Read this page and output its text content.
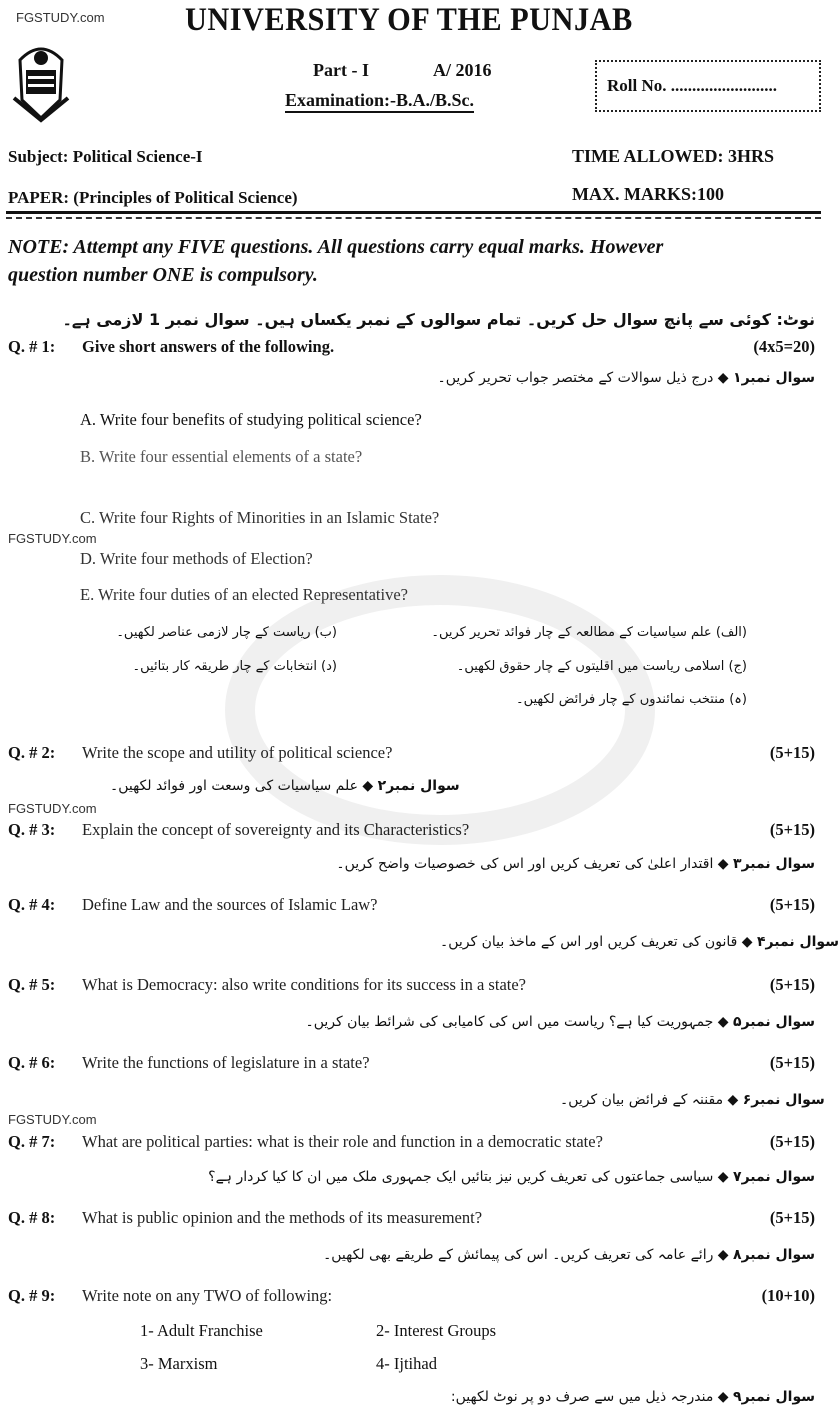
FGSTUDY.com
FGSTUDY.com
FGSTUDY.com
FGSTUDY.com
UNIVERSITY OF THE PUNJAB
Part - I	A/ 2016
Examination:-B.A./B.Sc.
Roll No. .........................
Subject: Political Science-I
PAPER: (Principles of Political Science)
TIME ALLOWED: 3HRS
MAX. MARKS:100
NOTE: Attempt any FIVE questions. All questions carry equal marks. However
question number ONE is compulsory.
نوٹ: کوئی سے پانچ سوال حل کریں۔ تمام سوالوں کے نمبر یکساں ہیں۔ سوال نمبر 1 لازمی ہے۔
Q. # 1: Give short answers of the following.	(4x5=20)
سوال نمبر۱ ◆ درج ذیل سوالات کے مختصر جواب تحریر کریں۔
A. Write four benefits of studying political science?
B. Write four essential elements of a state?
C. Write four Rights of Minorities in an Islamic State?
D. Write four methods of Election?
E. Write four duties of an elected Representative?
(الف) علم سیاسیات کے مطالعہ کے چار فوائد تحریر کریں۔
(ب) ریاست کے چار لازمی عناصر لکھیں۔
(ج) اسلامی ریاست میں اقلیتوں کے چار حقوق لکھیں۔
(د) انتخابات کے چار طریقہ کار بتائیں۔
(ہ) منتخب نمائندوں کے چار فرائض لکھیں۔
Q. # 2: Write the scope and utility of political science?	(5+15)
سوال نمبر۲ ◆ علم سیاسیات کی وسعت اور فوائد لکھیں۔
Q. # 3: Explain the concept of sovereignty and its Characteristics?	(5+15)
سوال نمبر۳ ◆ اقتدار اعلیٰ کی تعریف کریں اور اس کی خصوصیات واضح کریں۔
Q. # 4: Define Law and the sources of Islamic Law?	(5+15)
سوال نمبر۴ ◆ قانون کی تعریف کریں اور اس کے ماخذ بیان کریں۔
Q. # 5: What is Democracy: also write conditions for its success in a state?	(5+15)
سوال نمبر۵ ◆ جمہوریت کیا ہے؟ ریاست میں اس کی کامیابی کی شرائط بیان کریں۔
Q. # 6: Write the functions of legislature in a state?	(5+15)
سوال نمبر۶ ◆ مقننہ کے فرائض بیان کریں۔
Q. # 7: What are political parties: what is their role and function in a democratic state?	(5+15)
سوال نمبر۷ ◆ سیاسی جماعتوں کی تعریف کریں نیز بتائیں ایک جمہوری ملک میں ان کا کیا کردار ہے؟
Q. # 8: What is public opinion and the methods of its measurement?	(5+15)
سوال نمبر۸ ◆ رائے عامہ کی تعریف کریں۔ اس کی پیمائش کے طریقے بھی لکھیں۔
Q. # 9: Write note on any TWO of following:	(10+10)
1- Adult Franchise	2- Interest Groups
3- Marxism	4- Ijtihad
سوال نمبر۹ ◆ مندرجہ ذیل میں سے صرف دو پر نوٹ لکھیں:
